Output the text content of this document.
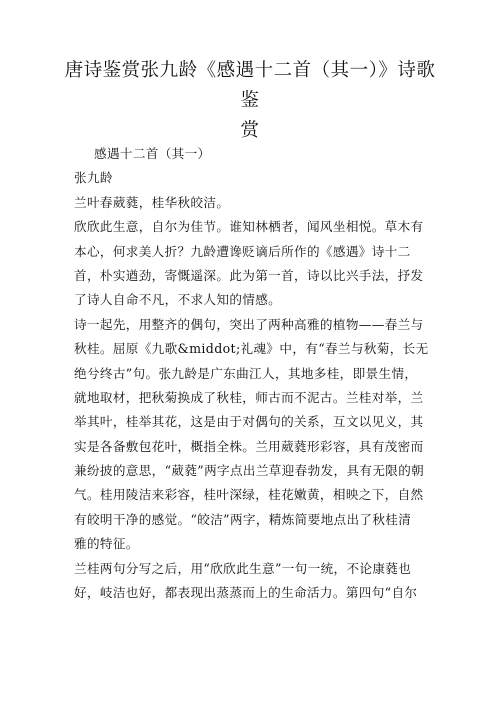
唐诗鉴赏张九龄《感遇十二首（其一）》诗歌鉴
赏
感遇十二首（其一）
张九龄
兰叶春葳蕤，桂华秋皎洁。
欣欣此生意，自尔为佳节。谁知林栖者，闻风坐相悦。草木有
本心，何求美人折？九龄遭谗贬谪后所作的《感遇》诗十二
首，朴实遒劲，寄慨遥深。此为第一首，诗以比兴手法，抒发
了诗人自命不凡，不求人知的情感。
诗一起先，用整齐的偶句，突出了两种高雅的植物——春兰与
秋桂。屈原《九歌&middot;礼魂》中，有“春兰与秋菊，长无
绝兮终古”句。张九龄是广东曲江人，其地多桂，即景生情，
就地取材，把秋菊换成了秋桂，师古而不泥古。兰桂对举，兰
举其叶，桂举其花，这是由于对偶句的关系，互文以见义，其
实是各备敷包花叶，概指全株。兰用葳蕤形彩容，具有茂密而
兼纷披的意思，“葳蕤”两字点出兰草迎春勃发，具有无限的朝
气。桂用陵洁来彩容，桂叶深绿，桂花嫩黄，相映之下，自然
有皎明干净的感觉。“皎洁”两字，精炼简要地点出了秋桂清
雅的特征。
兰桂两句分写之后，用“欣欣此生意”一句一统，不论康蕤也
好，岐洁也好，都表现出蒸蒸而上的生命活力。第四句“自尔
